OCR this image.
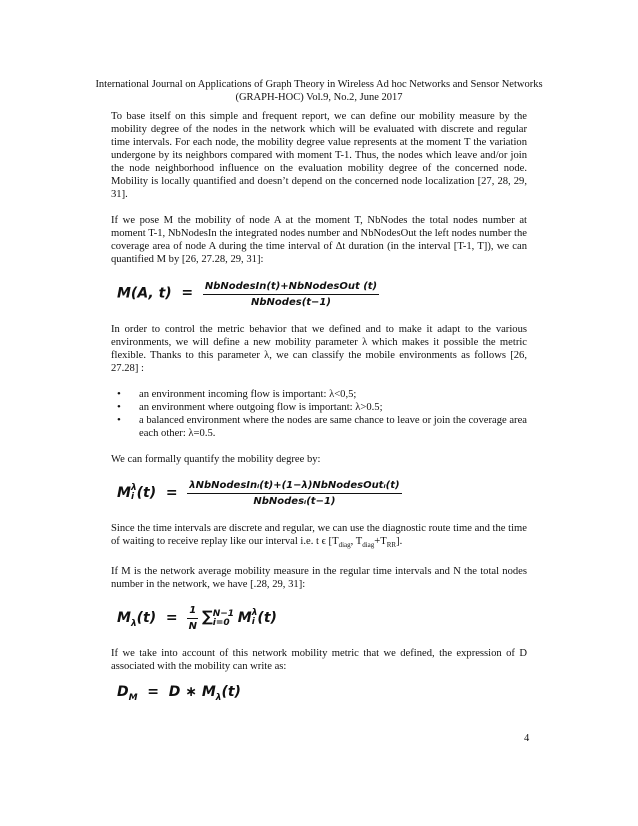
International Journal on Applications of Graph Theory in Wireless Ad hoc Networks and Sensor Networks
(GRAPH-HOC) Vol.9, No.2, June 2017

To base itself on this simple and frequent report, we can define our mobility measure by the mobility degree of the nodes in the network which will be evaluated with discrete and regular time intervals. For each node, the mobility degree value represents at the moment T the variation undergone by its neighbors compared with moment T-1. Thus, the nodes which leave and/or join the node neighborhood influence on the evaluation mobility degree of the concerned node. Mobility is locally quantified and doesn’t depend on the concerned node localization [27, 28, 29, 31].

If we pose M the mobility of node A at the moment T, NbNodes the total nodes number at moment T-1, NbNodesIn the integrated nodes number and NbNodesOut the left nodes number the coverage area of node A during the time interval of Δt duration (in the interval [T-1, T]), we can quantified M by [26, 27.28, 29, 31]:

M(A, $t) = \frac{\text{NbNodesIn(t)+NbNodesOut (t)}}{\text{NbNodes(t−1)}}$

In order to control the metric behavior that we defined and to make it adapt to the various environments, we will define a new mobility parameter λ which makes it possible the metric flexible. Thanks to this parameter λ, we can classify the mobile environments as follows [26, 27.28] :

• an environment incoming flow is important: λ<0,5;
• an environment where outgoing flow is important: λ>0.5;
• a balanced environment where the nodes are same chance to leave or join the coverage area each other: λ=0.5.

We can formally quantify the mobility degree by:

M λ
i $(t) = \frac{\text{λNbNodesInᵢ(t)+(1−λ)NbNodesOutᵢ(t)}}{\text{NbNodesᵢ(t−1)}}$

Since the time intervals are discrete and regular, we can use the diagnostic route time and the time of waiting to receive replay like our interval i.e. t ϵ [$T_{diag}$, $T_{diag}+T_{RR}$].

If M is the network average mobility measure in the regular time intervals and N the total nodes number in the network, we have [.28, 29, 31]:

$M_\lambda(t) = \frac{1}{N}$ ∑ N−1
i=0 M λ
i (t)

If we take into account of this network mobility metric that we defined, the expression of D associated with the mobility can write as:

$D_M = D$ ∗ $M_\lambda(t)$
4
